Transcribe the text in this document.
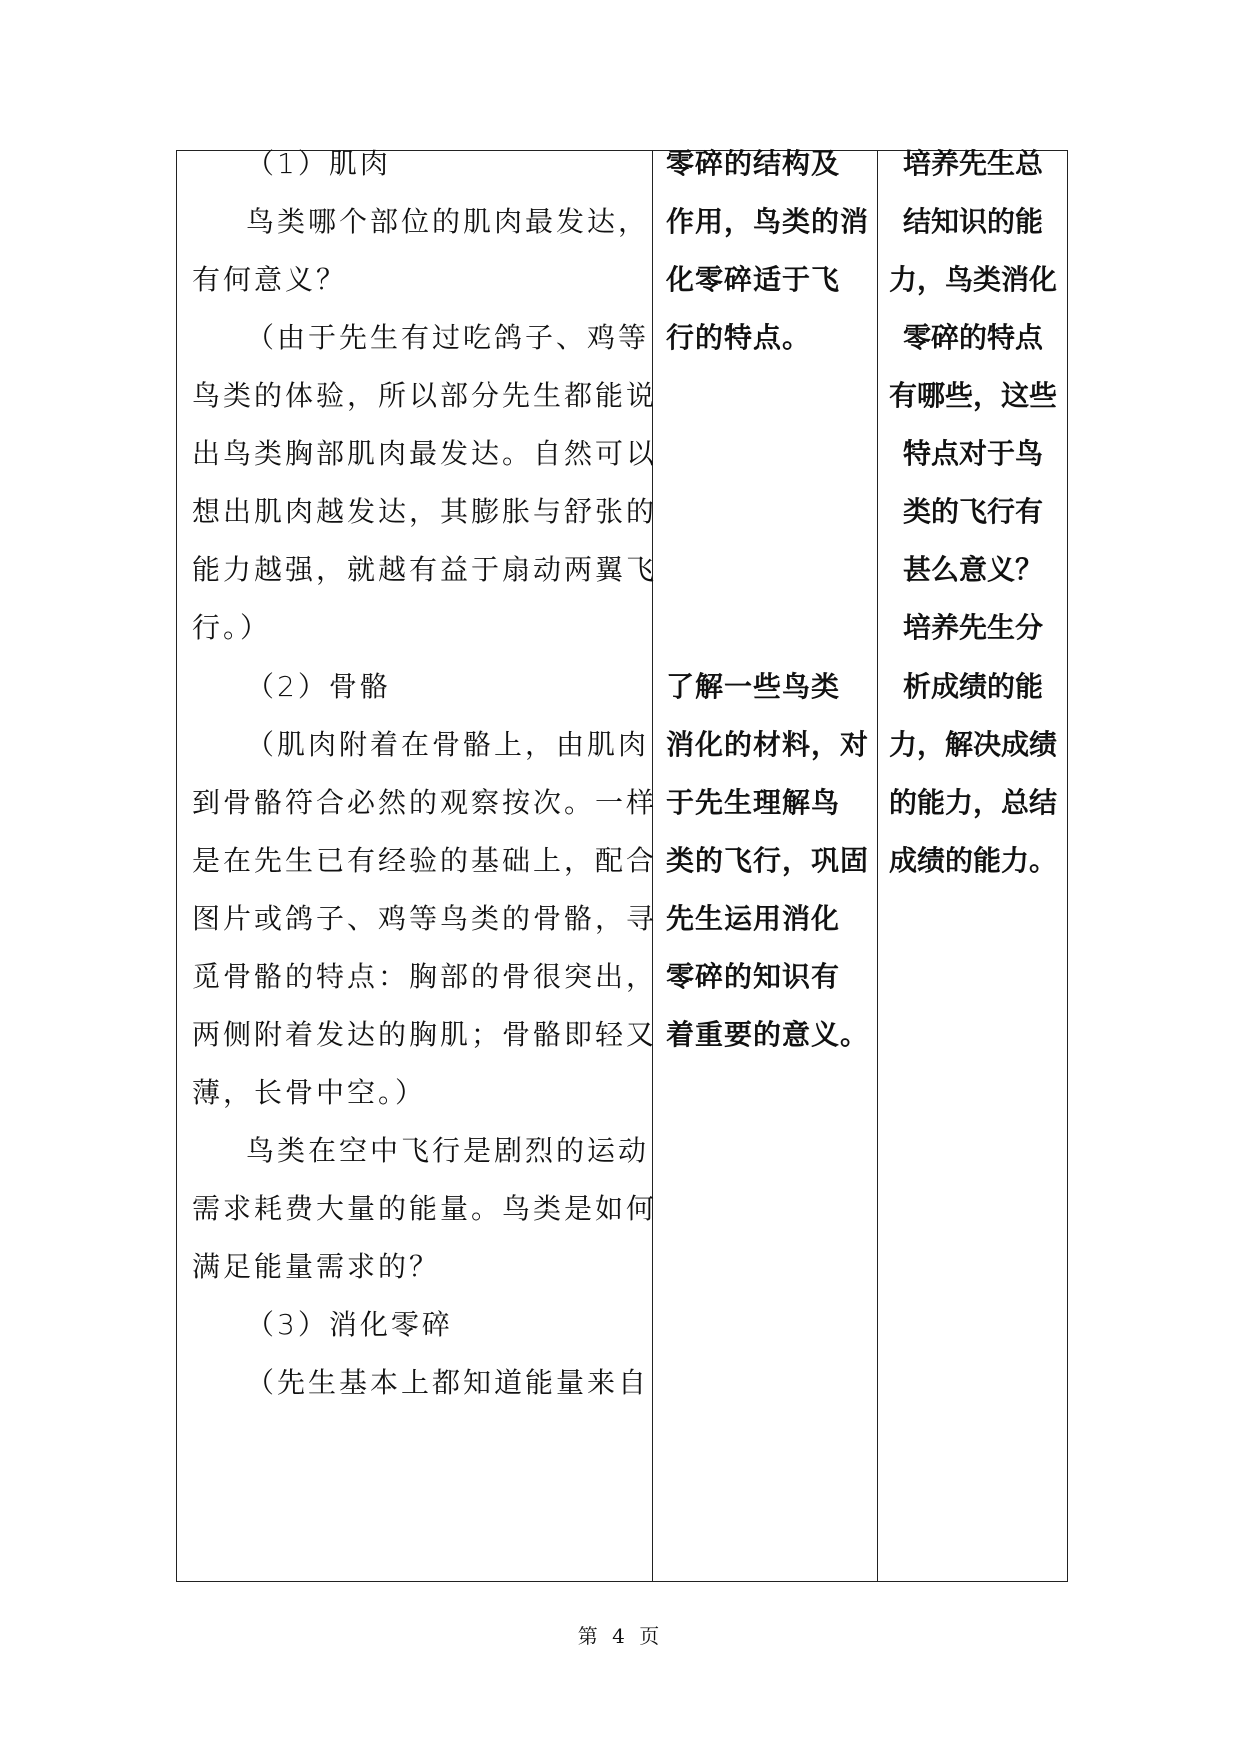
（1）肌肉
鸟类哪个部位的肌肉最发达，
有何意义？
（由于先生有过吃鸽子、鸡等
鸟类的体验，所以部分先生都能说
出鸟类胸部肌肉最发达。自然可以
想出肌肉越发达，其膨胀与舒张的
能力越强，就越有益于扇动两翼飞
行。）
（2）骨骼
（肌肉附着在骨骼上，由肌肉
到骨骼符合必然的观察按次。一样
是在先生已有经验的基础上，配合
图片或鸽子、鸡等鸟类的骨骼，寻
觅骨骼的特点：胸部的骨很突出，
两侧附着发达的胸肌；骨骼即轻又
薄，长骨中空。）
鸟类在空中飞行是剧烈的运动
需求耗费大量的能量。鸟类是如何
满足能量需求的？
（3）消化零碎
（先生基本上都知道能量来自
零碎的结构及
作用，鸟类的消
化零碎适于飞
行的特点。
了解一些鸟类
消化的材料，对
于先生理解鸟
类的飞行，巩固
先生运用消化
零碎的知识有
着重要的意义。
培养先生总
结知识的能
力，鸟类消化
零碎的特点
有哪些，这些
特点对于鸟
类的飞行有
甚么意义？
培养先生分
析成绩的能
力，解决成绩
的能力，总结
成绩的能力。
第 4 页
